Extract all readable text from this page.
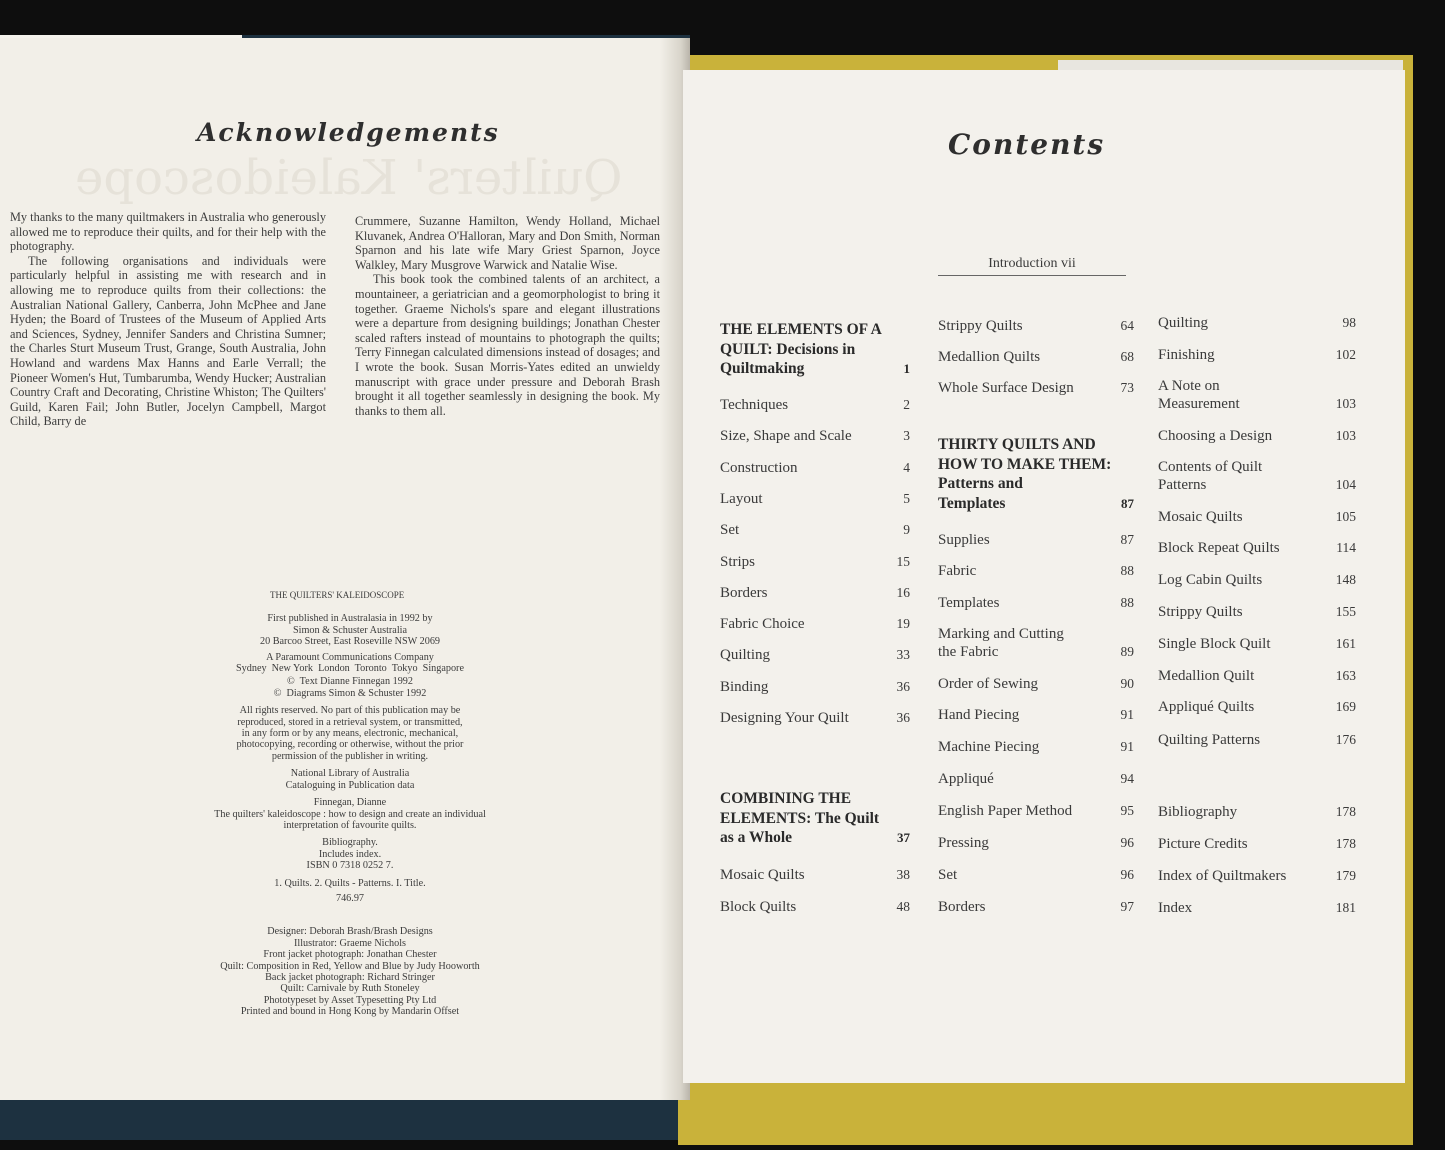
Quilters' Kaleidoscope
Acknowledgements

My thanks to the many quiltmakers in Australia who generously allowed me to reproduce their quilts, and for their help with the photography.

The following organisations and individuals were particularly helpful in assisting me with research and in allowing me to reproduce quilts from their collections: the Australian National Gallery, Canberra, John McPhee and Jane Hyden; the Board of Trustees of the Museum of Applied Arts and Sciences, Sydney, Jennifer Sanders and Christina Sumner; the Charles Sturt Museum Trust, Grange, South Australia, John Howland and wardens Max Hanns and Earle Verrall; the Pioneer Women's Hut, Tumbarumba, Wendy Hucker; Australian Country Craft and Decorating, Christine Whiston; The Quilters' Guild, Karen Fail; John Butler, Jocelyn Campbell, Margot Child, Barry de

Crummere, Suzanne Hamilton, Wendy Holland, Michael Kluvanek, Andrea O'Halloran, Mary and Don Smith, Norman Sparnon and his late wife Mary Griest Sparnon, Joyce Walkley, Mary Musgrove Warwick and Natalie Wise.

This book took the combined talents of an architect, a mountaineer, a geriatrician and a geomorphologist to bring it together. Graeme Nichols's spare and elegant illustrations were a departure from designing buildings; Jonathan Chester scaled rafters instead of mountains to photograph the quilts; Terry Finnegan calculated dimensions instead of dosages; and I wrote the book. Susan Morris-Yates edited an unwieldy manuscript with grace under pressure and Deborah Brash brought it all together seamlessly in designing the book. My thanks to them all.

THE QUILTERS' KALEIDOSCOPE
First published in Australasia in 1992 by
Simon & Schuster Australia
20 Barcoo Street, East Roseville NSW 2069
A Paramount Communications Company
Sydney  New York  London  Toronto  Tokyo  Singapore
©  Text Dianne Finnegan 1992
©  Diagrams Simon & Schuster 1992
All rights reserved. No part of this publication may be
reproduced, stored in a retrieval system, or transmitted,
in any form or by any means, electronic, mechanical,
photocopying, recording or otherwise, without the prior
permission of the publisher in writing.
National Library of Australia
Cataloguing in Publication data
Finnegan, Dianne
The quilters' kaleidoscope : how to design and create an individual
interpretation of favourite quilts.
Bibliography.
Includes index.
ISBN 0 7318 0252 7.
1. Quilts. 2. Quilts - Patterns. I. Title.
746.97
Designer: Deborah Brash/Brash Designs
Illustrator: Graeme Nichols
Front jacket photograph: Jonathan Chester
Quilt: Composition in Red, Yellow and Blue by Judy Hooworth
Back jacket photograph: Richard Stringer
Quilt: Carnivale by Ruth Stoneley
Phototypeset by Asset Typesetting Pty Ltd
Printed and bound in Hong Kong by Mandarin Offset
Contents
Introduction vii
THE ELEMENTS OF A
QUILT: Decisions in
Quiltmaking	1
Techniques	2
Size, Shape and Scale	3
Construction	4
Layout	5
Set	9
Strips	15
Borders	16
Fabric Choice	19
Quilting	33
Binding	36
Designing Your Quilt	36
COMBINING THE
ELEMENTS: The Quilt
as a Whole	37
Mosaic Quilts	38
Block Quilts	48
Strippy Quilts	64
Medallion Quilts	68
Whole Surface Design	73
THIRTY QUILTS AND
HOW TO MAKE THEM:
Patterns and
Templates	87
Supplies	87
Fabric	88
Templates	88
Marking and Cutting
the Fabric	89
Order of Sewing	90
Hand Piecing	91
Machine Piecing	91
Appliqué	94
English Paper Method	95
Pressing	96
Set	96
Borders	97
Quilting	98
Finishing	102
A Note on
Measurement	103
Choosing a Design	103
Contents of Quilt
Patterns	104
Mosaic Quilts	105
Block Repeat Quilts	114
Log Cabin Quilts	148
Strippy Quilts	155
Single Block Quilt	161
Medallion Quilt	163
Appliqué Quilts	169
Quilting Patterns	176
Bibliography	178
Picture Credits	178
Index of Quiltmakers	179
Index	181
